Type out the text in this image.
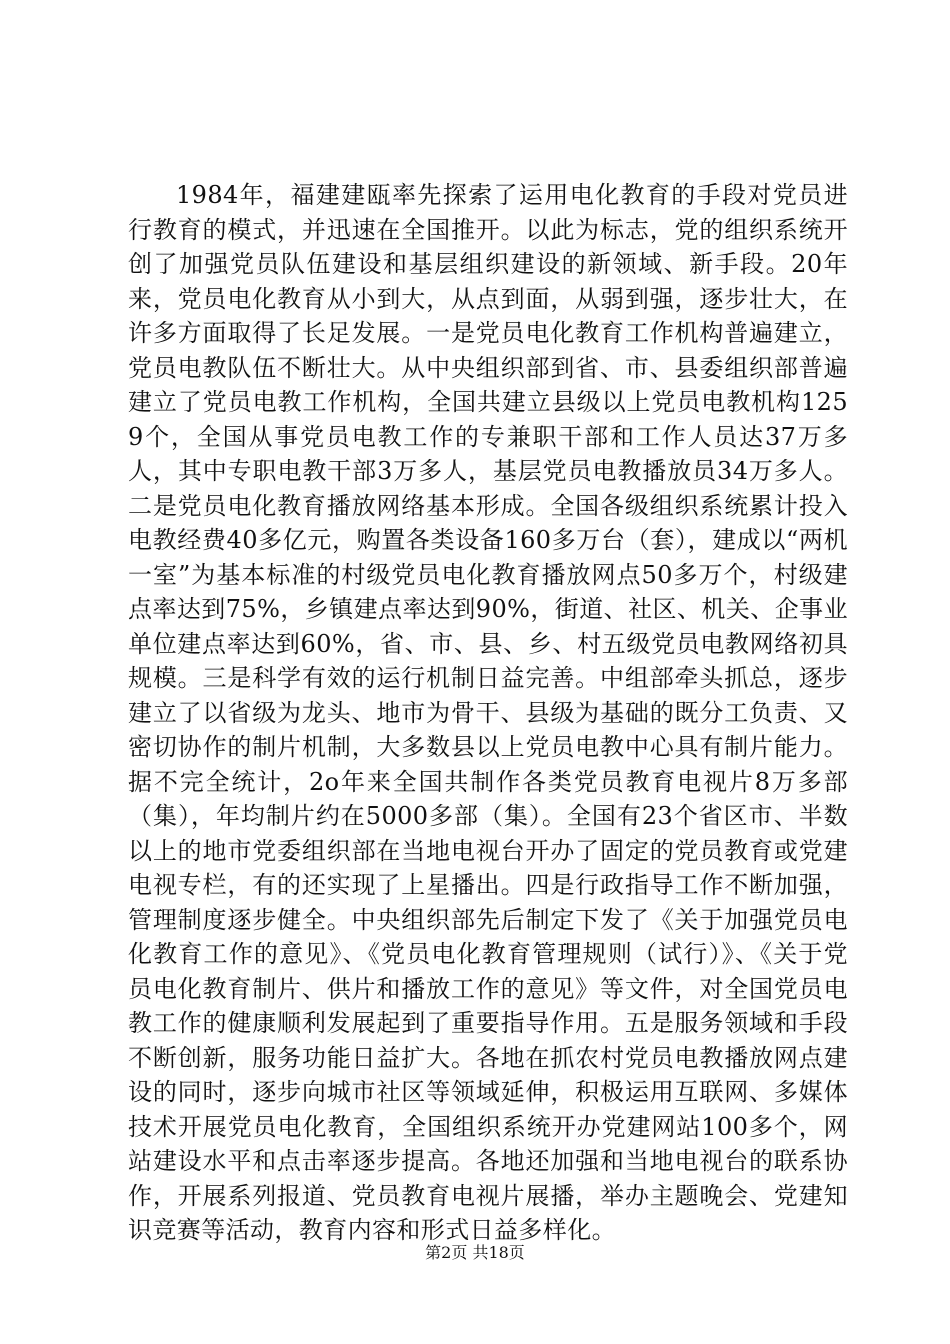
1984年，福建建瓯率先探索了运用电化教育的手段对党员进行教育的模式，并迅速在全国推开。以此为标志，党的组织系统开创了加强党员队伍建设和基层组织建设的新领域、新手段。20年来，党员电化教育从小到大，从点到面，从弱到强，逐步壮大，在许多方面取得了长足发展。一是党员电化教育工作机构普遍建立，党员电教队伍不断壮大。从中央组织部到省、市、县委组织部普遍建立了党员电教工作机构，全国共建立县级以上党员电教机构1259个，全国从事党员电教工作的专兼职干部和工作人员达37万多人，其中专职电教干部3万多人，基层党员电教播放员34万多人。二是党员电化教育播放网络基本形成。全国各级组织系统累计投入电教经费40多亿元，购置各类设备160多万台（套），建成以“两机一室”为基本标准的村级党员电化教育播放网点50多万个，村级建点率达到75%，乡镇建点率达到90%，街道、社区、机关、企事业单位建点率达到60%，省、市、县、乡、村五级党员电教网络初具规模。三是科学有效的运行机制日益完善。中组部牵头抓总，逐步建立了以省级为龙头、地市为骨干、县级为基础的既分工负责、又密切协作的制片机制，大多数县以上党员电教中心具有制片能力。据不完全统计，2o年来全国共制作各类党员教育电视片8万多部（集），年均制片约在5000多部（集）。全国有23个省区市、半数以上的地市党委组织部在当地电视台开办了固定的党员教育或党建电视专栏，有的还实现了上星播出。四是行政指导工作不断加强，管理制度逐步健全。中央组织部先后制定下发了《关于加强党员电化教育工作的意见》、《党员电化教育管理规则（试行）》、《关于党员电化教育制片、供片和播放工作的意见》等文件，对全国党员电教工作的健康顺利发展起到了重要指导作用。五是服务领域和手段不断创新，服务功能日益扩大。各地在抓农村党员电教播放网点建设的同时，逐步向城市社区等领域延伸，积极运用互联网、多媒体技术开展党员电化教育，全国组织系统开办党建网站100多个，网站建设水平和点击率逐步提高。各地还加强和当地电视台的联系协作，开展系列报道、党员教育电视片展播，举办主题晚会、党建知识竞赛等活动，教育内容和形式日益多样化。

第2页 共18页
